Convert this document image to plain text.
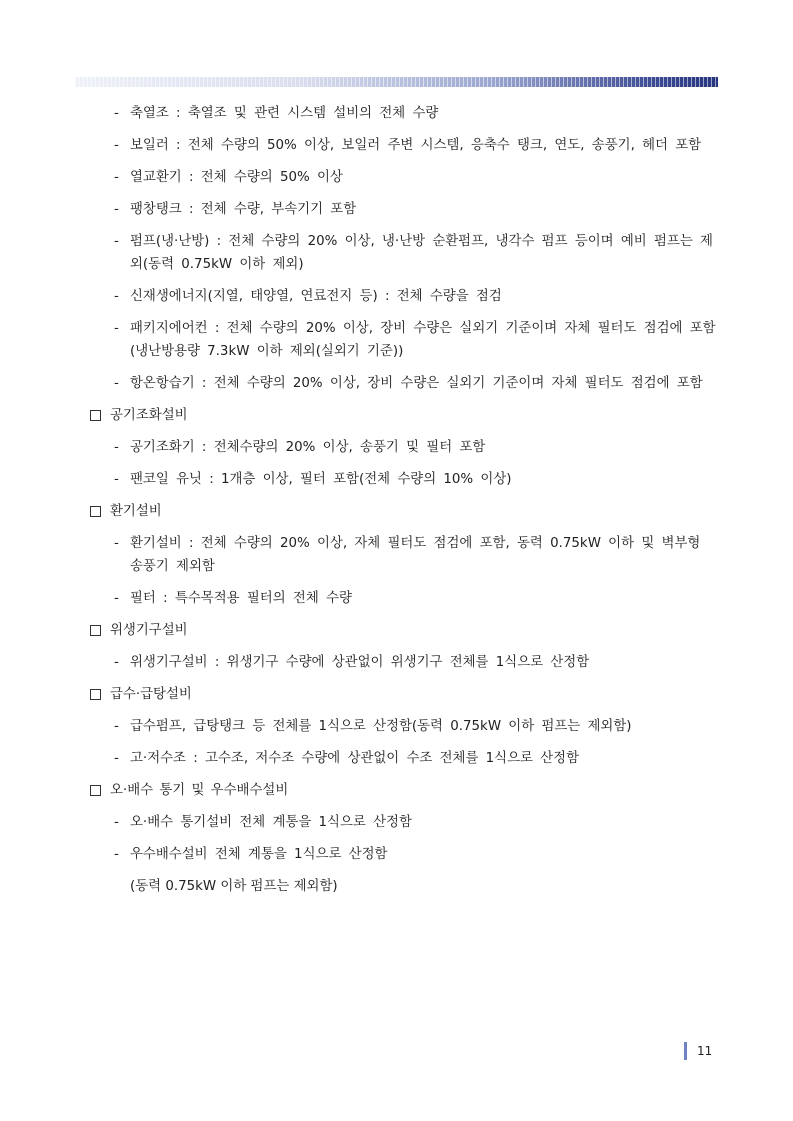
- 축열조 : 축열조 및 관련 시스템 설비의 전체 수량
- 보일러 : 전체 수량의 50% 이상, 보일러 주변 시스템, 응축수 탱크, 연도, 송풍기, 헤더 포함
- 열교환기 : 전체 수량의 50% 이상
- 팽창탱크 : 전체 수량, 부속기기 포함
- 펌프(냉·난방) : 전체 수량의 20% 이상, 냉·난방 순환펌프, 냉각수 펌프 등이며 예비 펌프는 제외(동력 0.75kW 이하 제외)
- 신재생에너지(지열, 태양열, 연료전지 등) : 전체 수량을 점검
- 패키지에어컨 : 전체 수량의 20% 이상, 장비 수량은 실외기 기준이며 자체 필터도 점검에 포함(냉난방용량 7.3kW 이하 제외(실외기 기준))
- 항온항습기 : 전체 수량의 20% 이상, 장비 수량은 실외기 기준이며 자체 필터도 점검에 포함
공기조화설비
- 공기조화기 : 전체수량의 20% 이상, 송풍기 및 필터 포함
- 팬코일 유닛 : 1개층 이상, 필터 포함(전체 수량의 10% 이상)
환기설비
- 환기설비 : 전체 수량의 20% 이상, 자체 필터도 점검에 포함, 동력 0.75kW 이하 및 벽부형 송풍기 제외함
- 필터 : 특수목적용 필터의 전체 수량
위생기구설비
- 위생기구설비 : 위생기구 수량에 상관없이 위생기구 전체를 1식으로 산정함
급수·급탕설비
- 급수펌프, 급탕탱크 등 전체를 1식으로 산정함(동력 0.75kW 이하 펌프는 제외함)
- 고·저수조 : 고수조, 저수조 수량에 상관없이 수조 전체를 1식으로 산정함
오·배수 통기 및 우수배수설비
- 오·배수 통기설비 전체 계통을 1식으로 산정함
- 우수배수설비 전체 계통을 1식으로 산정함
(동력 0.75kW 이하 펌프는 제외함)
11
